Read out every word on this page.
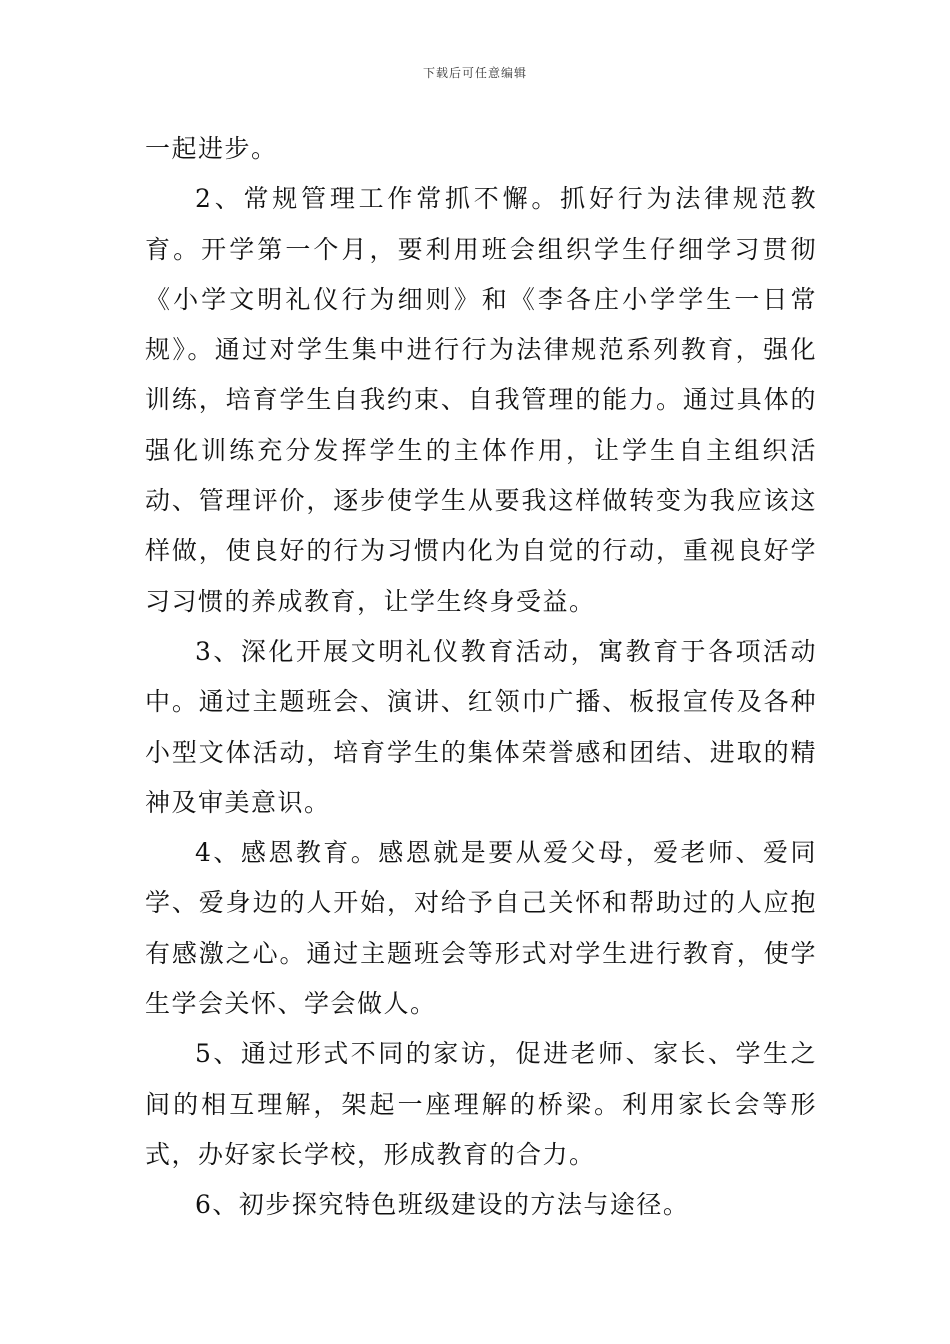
下载后可任意编辑

一起进步。

2、常规管理工作常抓不懈。抓好行为法律规范教育。开学第一个月，要利用班会组织学生仔细学习贯彻《小学文明礼仪行为细则》和《李各庄小学学生一日常规》。通过对学生集中进行行为法律规范系列教育，强化训练，培育学生自我约束、自我管理的能力。通过具体的强化训练充分发挥学生的主体作用，让学生自主组织活动、管理评价，逐步使学生从要我这样做转变为我应该这样做，使良好的行为习惯内化为自觉的行动，重视良好学习习惯的养成教育，让学生终身受益。

3、深化开展文明礼仪教育活动，寓教育于各项活动中。通过主题班会、演讲、红领巾广播、板报宣传及各种小型文体活动，培育学生的集体荣誉感和团结、进取的精神及审美意识。

4、感恩教育。感恩就是要从爱父母，爱老师、爱同学、爱身边的人开始，对给予自己关怀和帮助过的人应抱有感激之心。通过主题班会等形式对学生进行教育，使学生学会关怀、学会做人。

5、通过形式不同的家访，促进老师、家长、学生之间的相互理解，架起一座理解的桥梁。利用家长会等形式，办好家长学校，形成教育的合力。

6、初步探究特色班级建设的方法与途径。
